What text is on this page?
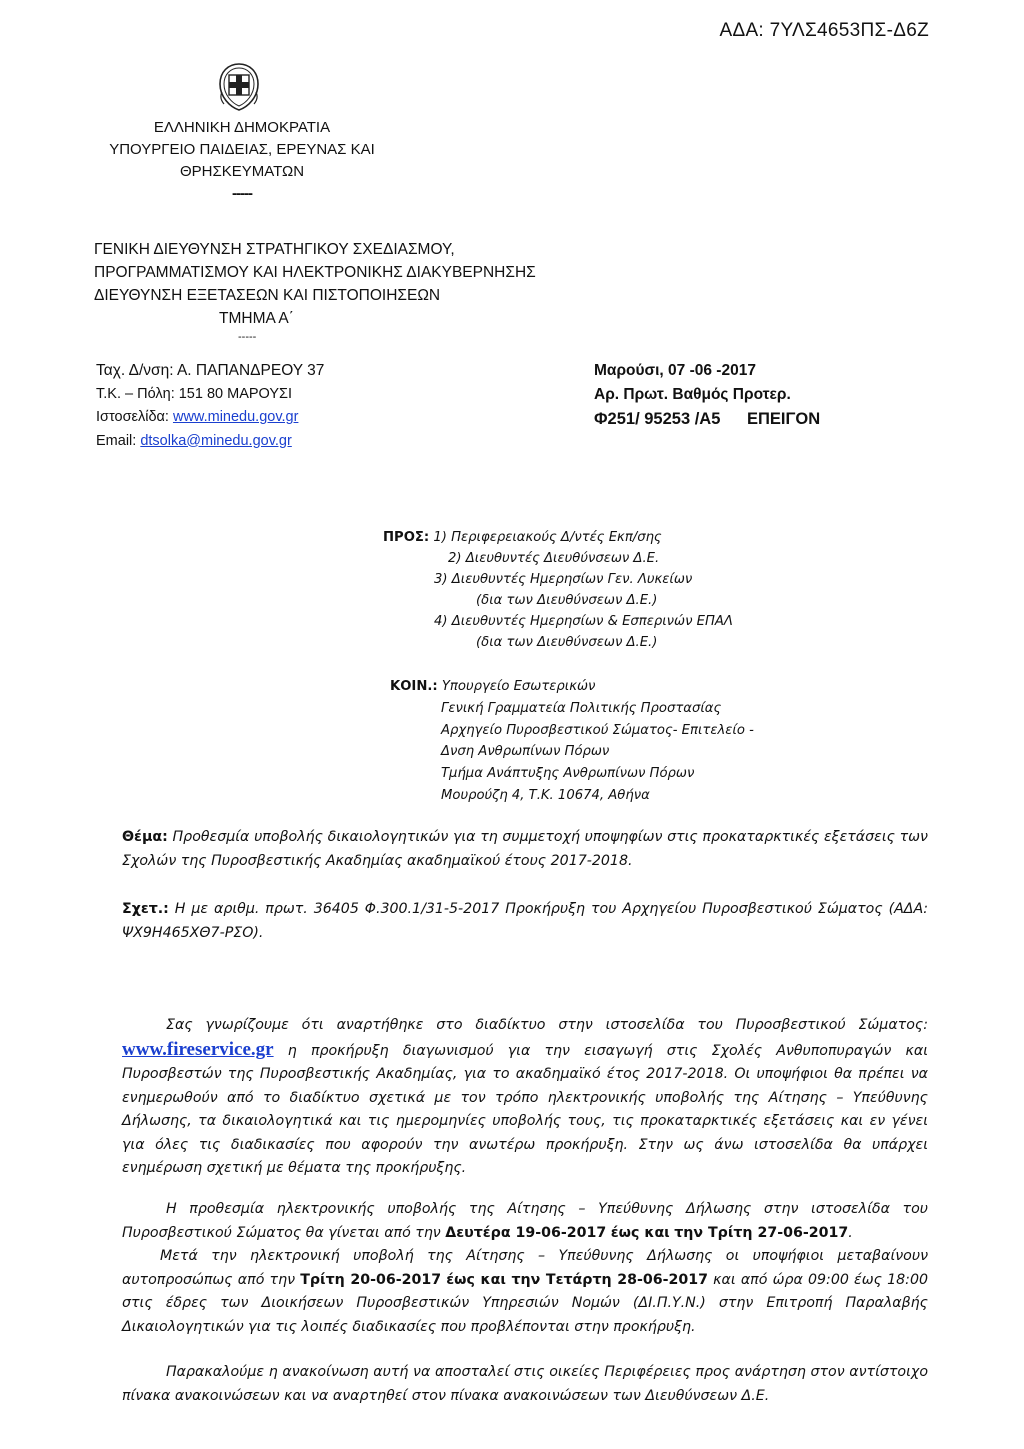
ΑΔΑ: 7ΥΛΣ4653ΠΣ-Δ6Ζ
ΕΛΛΗΝΙΚΗ ΔΗΜΟΚΡΑΤΙΑ
ΥΠΟΥΡΓΕΙΟ ΠΑΙΔΕΙΑΣ, ΕΡΕΥΝΑΣ ΚΑΙ
ΘΡΗΣΚΕΥΜΑΤΩΝ
-----
ΓΕΝΙΚΗ ΔΙΕΥΘΥΝΣΗ ΣΤΡΑΤΗΓΙΚΟΥ ΣΧΕΔΙΑΣΜΟΥ,
ΠΡΟΓΡΑΜΜΑΤΙΣΜΟΥ ΚΑΙ ΗΛΕΚΤΡΟΝΙΚΗΣ ΔΙΑΚΥΒΕΡΝΗΣΗΣ
ΔΙΕΥΘΥΝΣΗ ΕΞΕΤΑΣΕΩΝ ΚΑΙ ΠΙΣΤΟΠΟΙΗΣΕΩΝ
ΤΜΗΜΑ Α΄
-----
Ταχ. Δ/νση: Α. ΠΑΠΑΝΔΡΕΟΥ 37
Τ.Κ. – Πόλη: 151 80 ΜΑΡΟΥΣΙ
Ιστοσελίδα: www.minedu.gov.gr
Email: dtsolka@minedu.gov.gr
Μαρούσι, 07 -06 -2017
Αρ. Πρωτ. Βαθμός Προτερ.
Φ251/ 95253 /Α5 ΕΠΕΙΓΟΝ
ΠΡΟΣ: 1) Περιφερειακούς Δ/ντές Εκπ/σης
2) Διευθυντές Διευθύνσεων Δ.Ε.
3) Διευθυντές Ημερησίων Γεν. Λυκείων
(δια των Διευθύνσεων Δ.Ε.)
4) Διευθυντές Ημερησίων & Εσπερινών ΕΠΑΛ
(δια των Διευθύνσεων Δ.Ε.)
ΚΟΙΝ.: Υπουργείο Εσωτερικών
Γενική Γραμματεία Πολιτικής Προστασίας
Αρχηγείο Πυροσβεστικού Σώματος- Επιτελείο -
Δνση Ανθρωπίνων Πόρων
Τμήμα Ανάπτυξης Ανθρωπίνων Πόρων
Μουρούζη 4, Τ.Κ. 10674, Αθήνα
Θέμα: Προθεσμία υποβολής δικαιολογητικών για τη συμμετοχή υποψηφίων στις προκαταρκτικές εξετάσεις των Σχολών της Πυροσβεστικής Ακαδημίας ακαδημαϊκού έτους 2017-2018.
Σχετ.: Η με αριθμ. πρωτ. 36405 Φ.300.1/31-5-2017 Προκήρυξη του Αρχηγείου Πυροσβεστικού Σώματος (ΑΔΑ: ΨΧ9Η465ΧΘ7-ΡΣΟ).
Σας γνωρίζουμε ότι αναρτήθηκε στο διαδίκτυο στην ιστοσελίδα του Πυροσβεστικού Σώματος: www.fireservice.gr η προκήρυξη διαγωνισμού για την εισαγωγή στις Σχολές Ανθυποπυραγών και Πυροσβεστών της Πυροσβεστικής Ακαδημίας, για το ακαδημαϊκό έτος 2017-2018. Οι υποψήφιοι θα πρέπει να ενημερωθούν από το διαδίκτυο σχετικά με τον τρόπο ηλεκτρονικής υποβολής της Αίτησης – Υπεύθυνης Δήλωσης, τα δικαιολογητικά και τις ημερομηνίες υποβολής τους, τις προκαταρκτικές εξετάσεις και εν γένει για όλες τις διαδικασίες που αφορούν την ανωτέρω προκήρυξη. Στην ως άνω ιστοσελίδα θα υπάρχει ενημέρωση σχετική με θέματα της προκήρυξης.
Η προθεσμία ηλεκτρονικής υποβολής της Αίτησης – Υπεύθυνης Δήλωσης στην ιστοσελίδα του Πυροσβεστικού Σώματος θα γίνεται από την Δευτέρα 19-06-2017 έως και την Τρίτη 27-06-2017.
Μετά την ηλεκτρονική υποβολή της Αίτησης – Υπεύθυνης Δήλωσης οι υποψήφιοι μεταβαίνουν αυτοπροσώπως από την Τρίτη 20-06-2017 έως και την Τετάρτη 28-06-2017 και από ώρα 09:00 έως 18:00 στις έδρες των Διοικήσεων Πυροσβεστικών Υπηρεσιών Νομών (ΔΙ.Π.Υ.Ν.) στην Επιτροπή Παραλαβής Δικαιολογητικών για τις λοιπές διαδικασίες που προβλέπονται στην προκήρυξη.
Παρακαλούμε η ανακοίνωση αυτή να αποσταλεί στις οικείες Περιφέρειες προς ανάρτηση στον αντίστοιχο πίνακα ανακοινώσεων και να αναρτηθεί στον πίνακα ανακοινώσεων των Διευθύνσεων Δ.Ε.
